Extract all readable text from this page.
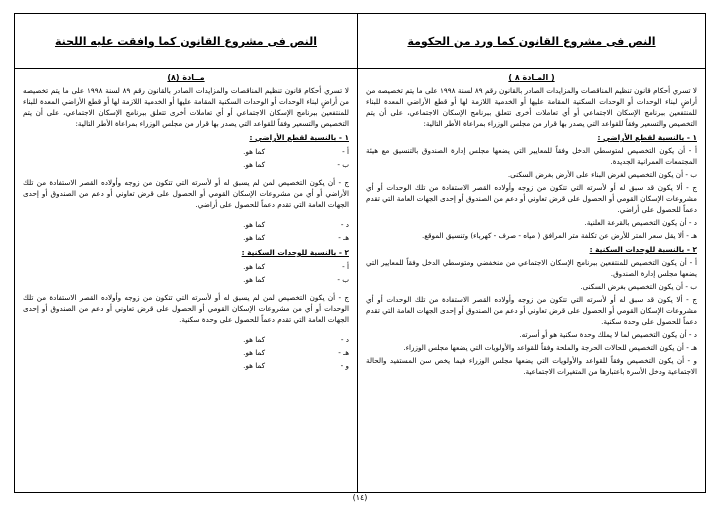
النص فى مشروع القانون كما ورد من الحكومة
النص فى مشروع القانون كما وافقت عليه اللجنة
( المـادة ٨ )

لا تسري أحكام قانون تنظيم المناقصات والمزايدات الصادر بالقانون رقم ٨٩ لسنة ١٩٩٨ على ما يتم تخصيصه من أراضٍ لبناء الوحدات أو الوحدات السكنية المقامة عليها أو الخدمية اللازمة لها أو قطع الأراضي المعدة للبناء للمنتفعين ببرنامج الإسكان الاجتماعي أو أي تعاملات أخرى تتعلق ببرنامج الإسكان الاجتماعي، على أن يتم التخصيص والتسعير وفقاً للقواعد التي يصدر بها قرار من مجلس الوزراء بمراعاة الأطر التالية:

١ - بالنسبة لقطع الأراضي :

أ - أن يكون التخصيص لمتوسطي الدخل وفقاً للمعايير التي يضعها مجلس إدارة الصندوق بالتنسيق مع هيئة المجتمعات العمرانية الجديدة.

ب - أن يكون التخصيص لغرض البناء على الأرض بغرض السكنى.

ج - ألا يكون قد سبق له أو لأسرته التي تتكون من زوجه وأولاده القصر الاستفادة من تلك الوحدات أو أي مشروعات الإسكان القومي أو الحصول على قرض تعاوني أو دعم من الصندوق أو إحدى الجهات العامة التي تقدم دعماً للحصول على أراضي.

د - أن يكون التخصيص بالقرعة العلنية.

هـ - ألا يقل سعر المتر للأرض عن تكلفة متر المرافق ( مياه - صرف - كهرباء) وتنسيق الموقع.

٢ - بالنسبة للوحدات السكنية :

أ - أن يكون التخصيص للمنتفعين ببرنامج الإسكان الاجتماعي من منخفضي ومتوسطي الدخل وفقاً للمعايير التي يضعها مجلس إدارة الصندوق.

ب - أن يكون التخصيص بغرض السكنى.

ج - ألا يكون قد سبق له أو لأسرته التي تتكون من زوجه وأولاده القصر الاستفادة من تلك الوحدات أو أي مشروعات الإسكان القومي أو الحصول على قرض تعاوني أو دعم من الصندوق أو إحدى الجهات العامة التي تقدم دعماً للحصول على وحدة سكنية.

د - أن يكون التخصيص لما لا يملك وحدة سكنية هو أو أسرته.

هـ - أن يكون التخصيص للحالات الحرجة والملحة وفقاً للقواعد والأولويات التي يضعها مجلس الوزراء.

و - أن يكون التخصيص وفقاً للقواعد والأولويات التي يضعها مجلس الوزراء فيما يخص سن المستفيد والحالة الاجتماعية ودخل الأسرة باعتبارها من المتغيرات الاجتماعية.

مــادة (٨)

لا تسري أحكام قانون تنظيم المناقصات والمزايدات الصادر بالقانون رقم ٨٩ لسنة ١٩٩٨ على ما يتم تخصيصه من أراضٍ لبناء الوحدات أو الوحدات السكنية المقامة عليها أو الخدمية اللازمة لها أو قطع الأراضي المعدة للبناء للمنتفعين ببرنامج الإسكان الاجتماعي أو أي تعاملات أخرى تتعلق ببرنامج الإسكان الاجتماعي، على أن يتم التخصيص والتسعير وفقاً للقواعد التي يصدر بها قرار من مجلس الوزراء بمراعاة الأطر التالية:

١ - بالنسبة لقطع الأراضي :
أ -
كما هو.
ب -
كما هو.

ج - أن يكون التخصيص لمن لم يسبق له أو لأسرته التي تتكون من زوجه وأولاده القصر الاستفادة من تلك الأراضي أو أي من مشروعات الإسكان القومي أو الحصول على قرض تعاوني أو دعم من الصندوق أو إحدى الجهات العامة التي تقدم دعماً للحصول على أراضي.

د -
كما هو.
هـ -
كما هو.
٢ - بالنسبة للوحدات السكنية :
أ -
كما هو.
ب -
كما هو.

ج - أن يكون التخصيص لمن لم يسبق له أو لأسرته التي تتكون من زوجه وأولاده القصر الاستفادة من تلك الوحدات أو أي من مشروعات الإسكان القومي أو الحصول على قرض تعاوني أو دعم من الصندوق أو إحدى الجهات العامة التي تقدم دعماً للحصول على وحدة سكنية.

د -
كما هو.
هـ -
كما هو.
و -
كما هو.
(١٤)
